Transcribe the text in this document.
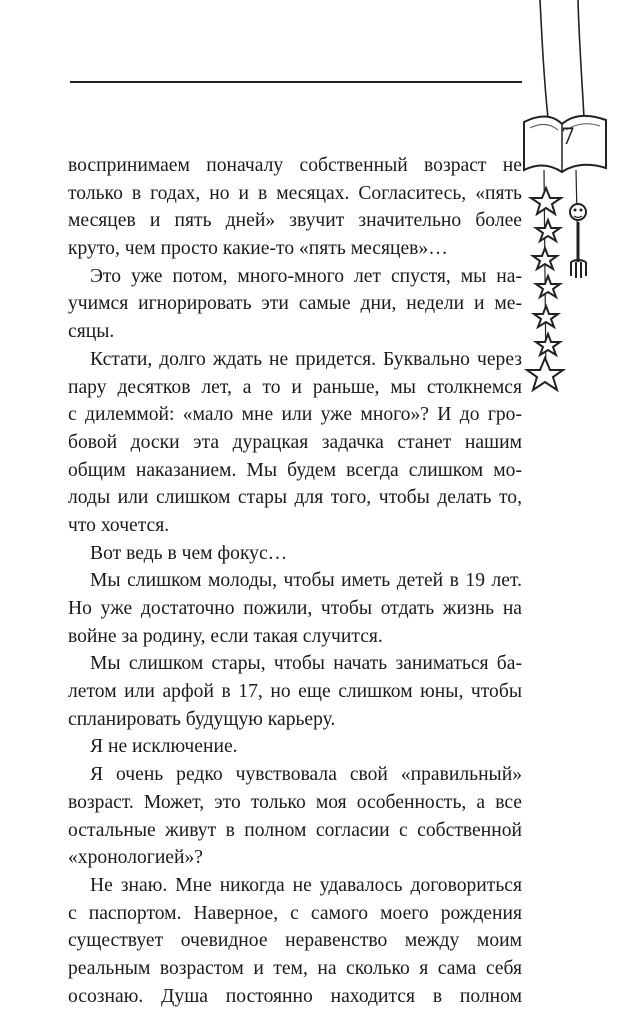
7
воспринимаем поначалу собственный возраст не
только в годах, но и в месяцах. Согласитесь, «пять
месяцев и пять дней» звучит значительно более
круто, чем просто какие-то «пять месяцев»…
Это уже потом, много-много лет спустя, мы на-
учимся игнорировать эти самые дни, недели и ме-
сяцы.
Кстати, долго ждать не придется. Буквально через
пару десятков лет, а то и раньше, мы столкнемся
с дилеммой: «мало мне или уже много»? И до гро-
бовой доски эта дурацкая задачка станет нашим
общим наказанием. Мы будем всегда слишком мо-
лоды или слишком стары для того, чтобы делать то,
что хочется.
Вот ведь в чем фокус…
Мы слишком молоды, чтобы иметь детей в 19 лет.
Но уже достаточно пожили, чтобы отдать жизнь на
войне за родину, если такая случится.
Мы слишком стары, чтобы начать заниматься ба-
летом или арфой в 17, но еще слишком юны, чтобы
спланировать будущую карьеру.
Я не исключение.
Я очень редко чувствовала свой «правильный»
возраст. Может, это только моя особенность, а все
остальные живут в полном согласии с собственной
«хронологией»?
Не знаю. Мне никогда не удавалось договориться
с паспортом. Наверное, с самого моего рождения
существует очевидное неравенство между моим
реальным возрастом и тем, на сколько я сама себя
осознаю. Душа постоянно находится в полном
